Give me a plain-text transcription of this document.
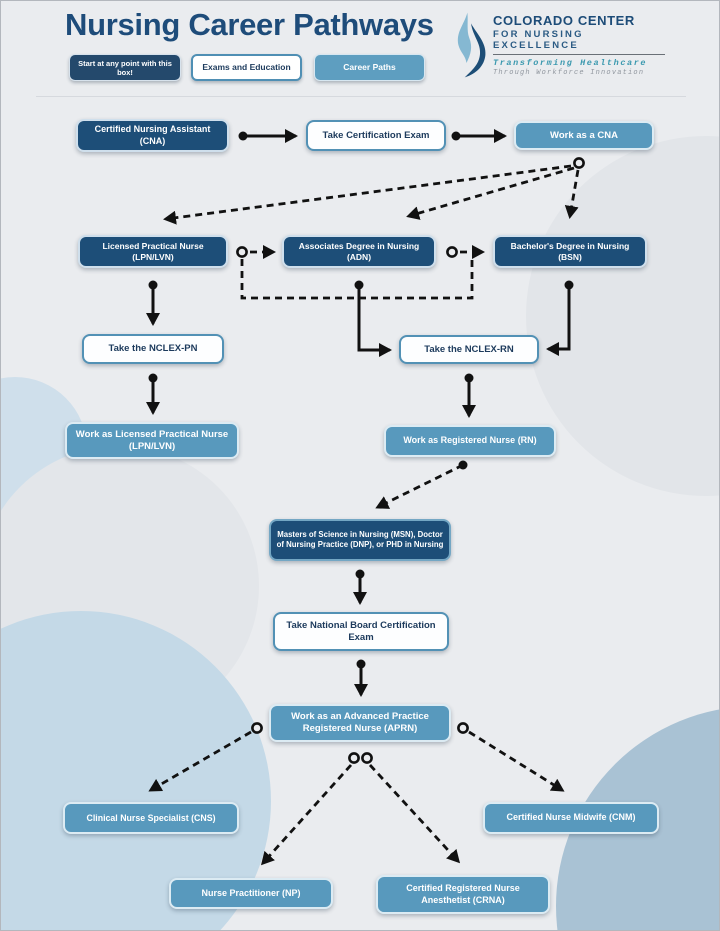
Nursing Career Pathways
Start at any point with this box!	Exams and Education	Career Paths
COLORADO CENTER
FOR NURSING EXCELLENCE
Transforming Healthcare
Through Workforce Innovation
Certified Nursing Assistant (CNA)	Take Certification Exam	Work as a CNA
Licensed Practical Nurse (LPN/LVN)
Associates Degree in Nursing (ADN)
Bachelor's Degree in Nursing (BSN)
Take the NCLEX-PN	Take the NCLEX-RN
Work as Licensed Practical Nurse (LPN/LVN)
Work as Registered Nurse (RN)
Masters of Science in Nursing (MSN), Doctor of Nursing Practice (DNP), or PHD in Nursing
Take National Board Certification Exam
Work as an Advanced Practice Registered Nurse (APRN)
Clinical Nurse Specialist (CNS)	Certified Nurse Midwife (CNM)
Nurse Practitioner (NP)	Certified Registered Nurse Anesthetist (CRNA)
